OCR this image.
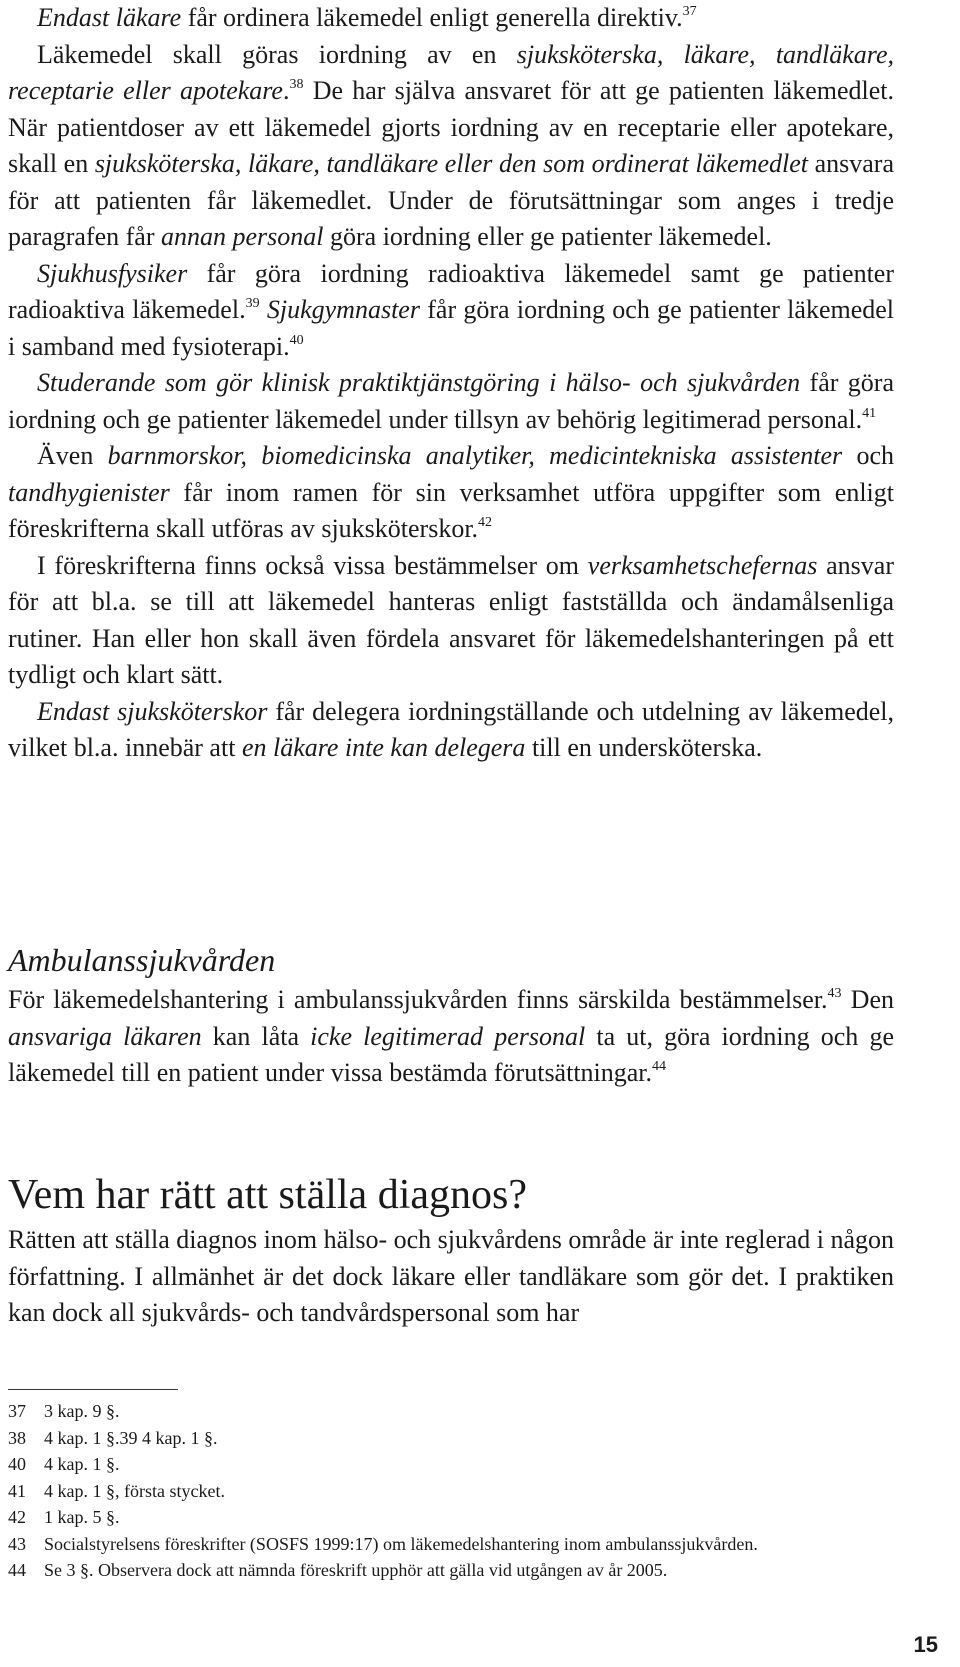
Endast läkare får ordinera läkemedel enligt generella direktiv.$^{37}$

Läkemedel skall göras iordning av en sjuksköterska, läkare, tandläkare, receptarie eller apotekare.$^{38}$ De har själva ansvaret för att ge patienten läkemedlet. När patientdoser av ett läkemedel gjorts iordning av en receptarie eller apotekare, skall en sjuksköterska, läkare, tandläkare eller den som ordinerat läkemedlet ansvara för att patienten får läkemedlet. Under de förutsättningar som anges i tredje paragrafen får annan personal göra iordning eller ge patienter läkemedel.

Sjukhusfysiker får göra iordning radioaktiva läkemedel samt ge patienter radioaktiva läkemedel.$^{39}$ Sjukgymnaster får göra iordning och ge patienter läkemedel i samband med fysioterapi.$^{40}$

Studerande som gör klinisk praktiktjänstgöring i hälso- och sjukvården får göra iordning och ge patienter läkemedel under tillsyn av behörig legitimerad personal.$^{41}$

Även barnmorskor, biomedicinska analytiker, medicintekniska assistenter och tandhygienister får inom ramen för sin verksamhet utföra uppgifter som enligt föreskrifterna skall utföras av sjuksköterskor.$^{42}$

I föreskrifterna finns också vissa bestämmelser om verksamhetschefernas ansvar för att bl.a. se till att läkemedel hanteras enligt fastställda och ändamålsenliga rutiner. Han eller hon skall även fördela ansvaret för läkemedelshanteringen på ett tydligt och klart sätt.

Endast sjuksköterskor får delegera iordningställande och utdelning av läkemedel, vilket bl.a. innebär att en läkare inte kan delegera till en undersköterska.

Ambulanssjukvården

För läkemedelshantering i ambulanssjukvården finns särskilda bestämmelser.$^{43}$ Den ansvariga läkaren kan låta icke legitimerad personal ta ut, göra iordning och ge läkemedel till en patient under vissa bestämda förutsättningar.$^{44}$

Vem har rätt att ställa diagnos?

Rätten att ställa diagnos inom hälso- och sjukvårdens område är inte reglerad i någon författning. I allmänhet är det dock läkare eller tandläkare som gör det. I praktiken kan dock all sjukvårds- och tandvårdspersonal som har

37 3 kap. 9 §.
38 4 kap. 1 §.39 4 kap. 1 §.
40 4 kap. 1 §.
41 4 kap. 1 §, första stycket.
42 1 kap. 5 §.
43 Socialstyrelsens föreskrifter (SOSFS 1999:17) om läkemedelshantering inom ambulanssjukvården.
44 Se 3 §. Observera dock att nämnda föreskrift upphör att gälla vid utgången av år 2005.
15
